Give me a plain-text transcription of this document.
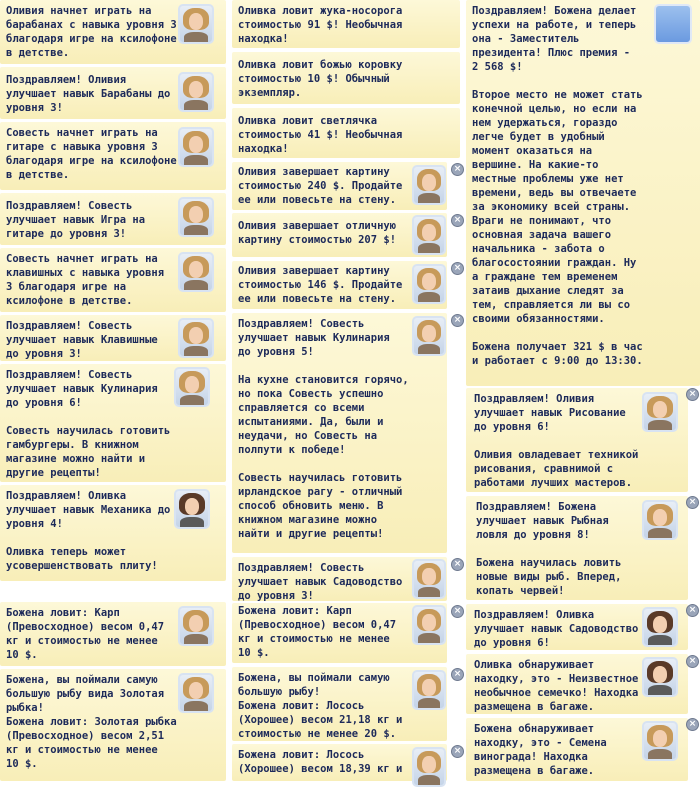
Оливия начнет играть на
барабанах с навыка уровня 3
благодаря игре на ксилофоне
в детстве.

Поздравляем! Оливия
улучшает навык Барабаны до
уровня 3!

Совесть начнет играть на
гитаре с навыка уровня 3
благодаря игре на ксилофоне
в детстве.

Поздравляем! Совесть
улучшает навык Игра на
гитаре до уровня 3!

Совесть начнет играть на
клавишных с навыка уровня
3 благодаря игре на
ксилофоне в детстве.

Поздравляем! Совесть
улучшает навык Клавишные
до уровня 3!

Поздравляем! Совесть
улучшает навык Кулинария
до уровня 6!

Совесть научилась готовить
гамбургеры. В книжном
магазине можно найти и
другие рецепты!

Поздравляем! Оливка
улучшает навык Механика до
уровня 4!

Оливка теперь может
усовершенствовать плиту!

Божена ловит: Карп
(Превосходное) весом 0,47
кг и стоимостью не менее
10 $.

Божена, вы поймали самую
большую рыбу вида Золотая
рыбка!
Божена ловит: Золотая рыбка
(Превосходное) весом 2,51
кг и стоимостью не менее
10 $.

Оливка ловит жука-носорога
стоимостью 91 $! Необычная
находка!

Оливка ловит божью коровку
стоимостью 10 $! Обычный
экземпляр.

Оливка ловит светлячка
стоимостью 41 $! Необычная
находка!

Оливия завершает картину
стоимостью 240 $. Продайте
ее или повесьте на стену.

×

Оливия завершает отличную
картину стоимостью 207 $!

×

Оливия завершает картину
стоимостью 146 $. Продайте
ее или повесьте на стену.

×

Поздравляем! Совесть
улучшает навык Кулинария
до уровня 5!

На кухне становится горячо,
но пока Совесть успешно
справляется со всеми
испытаниями. Да, были и
неудачи, но Совесть на
полпути к победе!

Совесть научилась готовить
ирландское рагу - отличный
способ обновить меню. В
книжном магазине можно
найти и другие рецепты!

×

Поздравляем! Совесть
улучшает навык Садоводство
до уровня 3!

×

Божена ловит: Карп
(Превосходное) весом 0,47
кг и стоимостью не менее
10 $.

×

Божена, вы поймали самую
большую рыбу!
Божена ловит: Лосось
(Хорошее) весом 21,18 кг и
стоимостью не менее 20 $.

×

Божена ловит: Лосось
(Хорошее) весом 18,39 кг и

×

Поздравляем! Божена делает
успехи на работе, и теперь
она - Заместитель
президента! Плюс премия -
2 568 $!

Второе место не может стать
конечной целью, но если на
нем удержаться, гораздо
легче будет в удобный
момент оказаться на
вершине. На какие-то
местные проблемы уже нет
времени, ведь вы отвечаете
за экономику всей страны.
Враги не понимают, что
основная задача вашего
начальника - забота о
благосостоянии граждан. Ну
а граждане тем временем
затаив дыхание следят за
тем, справляется ли вы со
своими обязанностями.

Божена получает 321 $ в час
и работает с 9:00 до 13:30.

Поздравляем! Оливия
улучшает навык Рисование
до уровня 6!

Оливия овладевает техникой
рисования, сравнимой с
работами лучших мастеров.

×

Поздравляем! Божена
улучшает навык Рыбная
ловля до уровня 8!

Божена научилась ловить
новые виды рыб. Вперед,
копать червей!

×

Поздравляем! Оливка
улучшает навык Садоводство
до уровня 6!

×

Оливка обнаруживает
находку, это - Неизвестное
необычное семечко! Находка
размещена в багаже.

×

Божена обнаруживает
находку, это - Семена
винограда! Находка
размещена в багаже.

×
